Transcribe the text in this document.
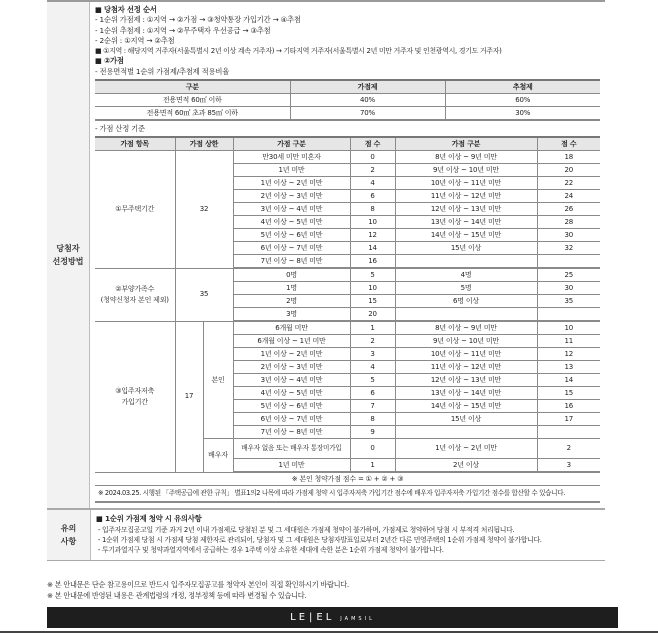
당첨자
선정방법
■ 당첨자 선정 순서
- 1순위 가점제 : ①지역 → ②가점 → ③청약통장 가입기간 → ④추첨
- 1순위 추첨제 : ①지역 → ②무주택자 우선공급 → ③추첨
- 2순위 : ①지역 → ②추첨
■ ①지역 : 해당지역 거주자(서울특별시 2년 이상 계속 거주자) → 기타지역 거주자(서울특별시 2년 미만 거주자 및 인천광역시, 경기도 거주자)
■ ②가점
- 전용면적별 1순위 가점제/추첨제 적용비율
구분	가점제	추첨제
전용면적 60㎡ 이하	40%	60%
전용면적 60㎡ 초과 85㎡ 이하	70%	30%
- 가점 산정 기준
가점 항목	가점 상한		가점 구분	점 수	가점 구분	점 수
①무주택기간	32		만30세 미만 미혼자	0	8년 이상 ~ 9년 미만	18
			1년 미만	2	9년 이상 ~ 10년 미만	20
			1년 이상 ~ 2년 미만	4	10년 이상 ~ 11년 미만	22
			2년 이상 ~ 3년 미만	6	11년 이상 ~ 12년 미만	24
			3년 이상 ~ 4년 미만	8	12년 이상 ~ 13년 미만	26
			4년 이상 ~ 5년 미만	10	13년 이상 ~ 14년 미만	28
			5년 이상 ~ 6년 미만	12	14년 이상 ~ 15년 미만	30
			6년 이상 ~ 7년 미만	14	15년 이상	32
			7년 이상 ~ 8년 미만	16		

②부양가족수
(청약신청자 본인 제외)	35		0명	5	4명	25
			1명	10	5명	30
			2명	15	6명 이상	35
			3명	20		

③입주자저축
가입기간	17	본인	6개월 미만	1	8년 이상 ~ 9년 미만	10
			6개월 이상 ~ 1년 미만	2	9년 이상 ~ 10년 미만	11
			1년 이상 ~ 2년 미만	3	10년 이상 ~ 11년 미만	12
			2년 이상 ~ 3년 미만	4	11년 이상 ~ 12년 미만	13
			3년 이상 ~ 4년 미만	5	12년 이상 ~ 13년 미만	14
			4년 이상 ~ 5년 미만	6	13년 이상 ~ 14년 미만	15
			5년 이상 ~ 6년 미만	7	14년 이상 ~ 15년 미만	16
			6년 이상 ~ 7년 미만	8	15년 이상	17
			7년 이상 ~ 8년 미만	9		
		배우자	배우자 없음 또는 배우자 통장미가입	0	1년 이상 ~ 2년 미만	2
			1년 미만	1	2년 이상	3
※ 본인 청약가점 점수 = ① + ② + ③						
※ 2024.03.25. 시행된 「주택공급에 관한 규칙」 별표1의2 나목에 따라 가점제 청약 시 입주자저축 가입기간 점수에 배우자 입주자저축 가입기간 점수를 합산할 수 있습니다.						
유의
사항
■ 1순위 가점제 청약 시 유의사항
- 입주자모집공고일 기준 과거 2년 이내 가점제로 당첨된 분 및 그 세대원은 가점제 청약이 불가하며, 가점제로 청약하여 당첨 시 부적격 처리됩니다.
- 1순위 가점제 당첨 시 가점제 당첨 제한자로 관리되어, 당첨자 및 그 세대원은 당첨자발표일로부터 2년간 다른 민영주택의 1순위 가점제 청약이 불가합니다.
- 투기과열지구 및 청약과열지역에서 공급하는 경우 1주택 이상 소유한 세대에 속한 분은 1순위 가점제 청약이 불가합니다.
※ 본 안내문은 단순 참고용이므로 반드시 입주자모집공고를 청약자 본인이 직접 확인하시기 바랍니다.
※ 본 안내문에 반영된 내용은 관계법령의 개정, 정부정책 등에 따라 변경될 수 있습니다.
LE|EL JAMSIL
